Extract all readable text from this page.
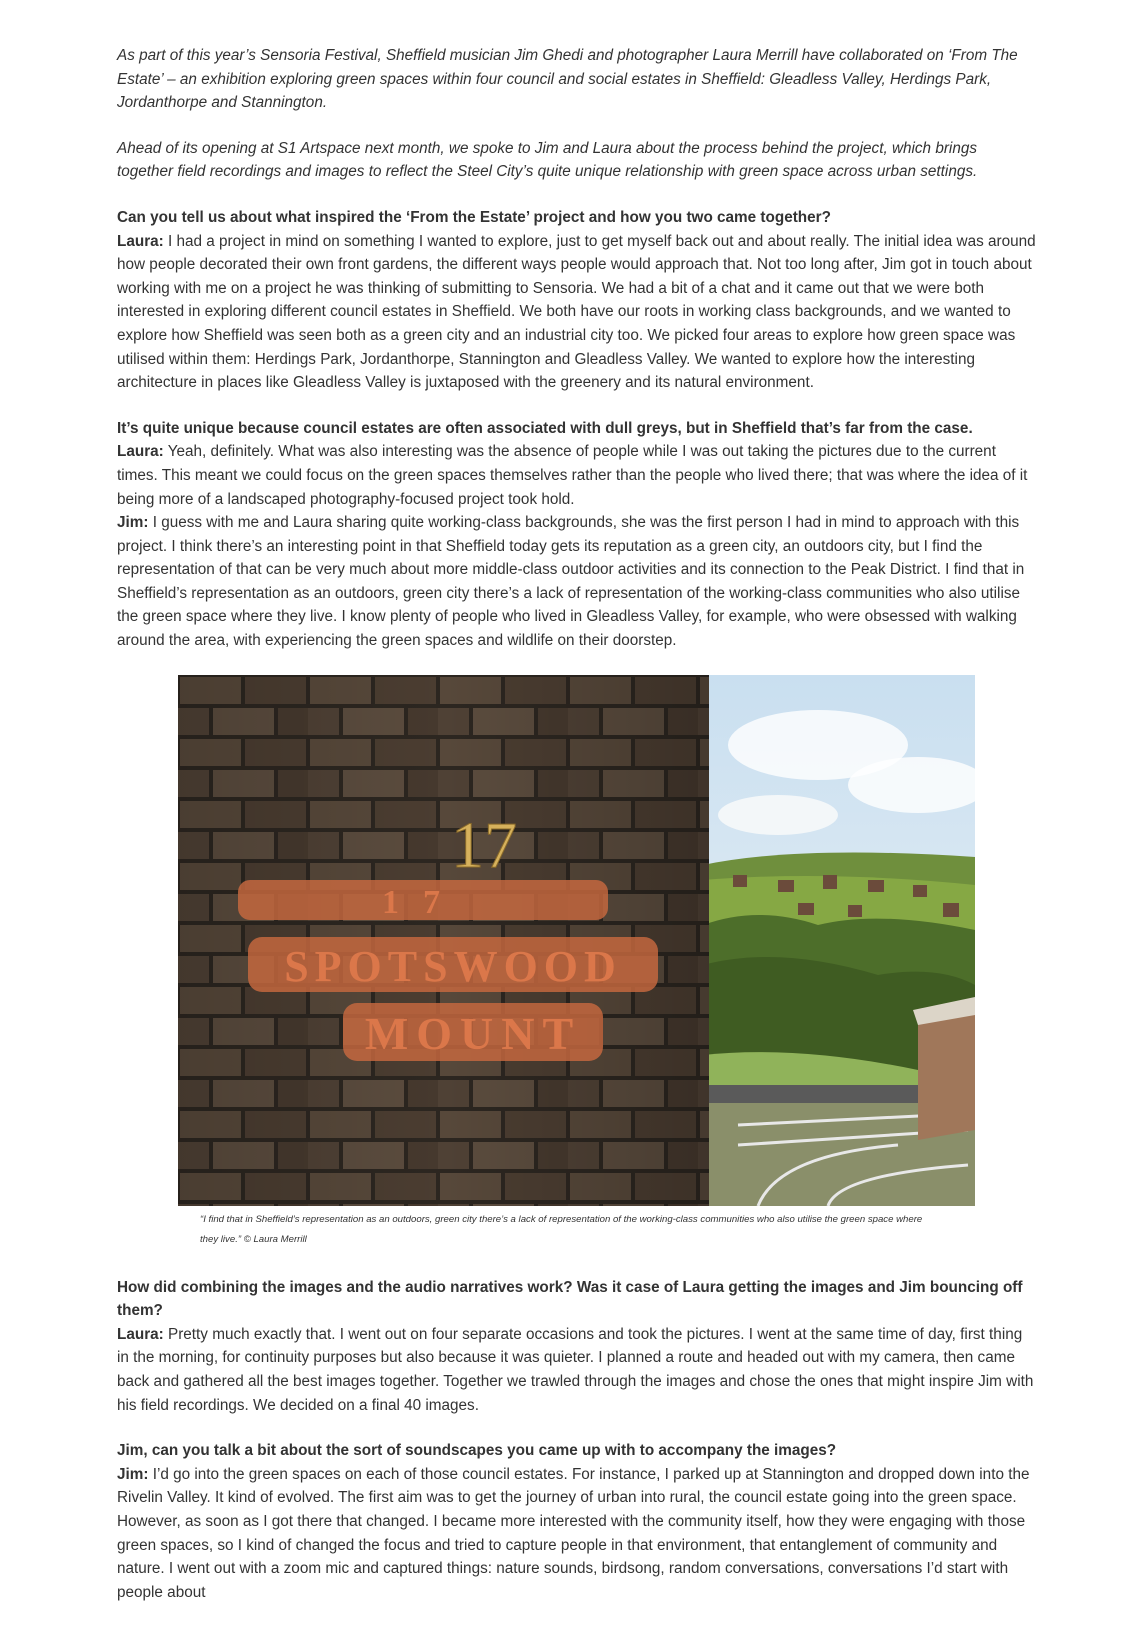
As part of this year’s Sensoria Festival, Sheffield musician Jim Ghedi and photographer Laura Merrill have collaborated on ‘From The Estate’ – an exhibition exploring green spaces within four council and social estates in Sheffield: Gleadless Valley, Herdings Park, Jordanthorpe and Stannington.

Ahead of its opening at S1 Artspace next month, we spoke to Jim and Laura about the process behind the project, which brings together field recordings and images to reflect the Steel City’s quite unique relationship with green space across urban settings.

Can you tell us about what inspired the ‘From the Estate’ project and how you two came together?
Laura: I had a project in mind on something I wanted to explore, just to get myself back out and about really. The initial idea was around how people decorated their own front gardens, the different ways people would approach that. Not too long after, Jim got in touch about working with me on a project he was thinking of submitting to Sensoria. We had a bit of a chat and it came out that we were both interested in exploring different council estates in Sheffield. We both have our roots in working class backgrounds, and we wanted to explore how Sheffield was seen both as a green city and an industrial city too. We picked four areas to explore how green space was utilised within them: Herdings Park, Jordanthorpe, Stannington and Gleadless Valley. We wanted to explore how the interesting architecture in places like Gleadless Valley is juxtaposed with the greenery and its natural environment.

It’s quite unique because council estates are often associated with dull greys, but in Sheffield that’s far from the case.
Laura: Yeah, definitely. What was also interesting was the absence of people while I was out taking the pictures due to the current times. This meant we could focus on the green spaces themselves rather than the people who lived there; that was where the idea of it being more of a landscaped photography-focused project took hold.
Jim: I guess with me and Laura sharing quite working-class backgrounds, she was the first person I had in mind to approach with this project. I think there’s an interesting point in that Sheffield today gets its reputation as a green city, an outdoors city, but I find the representation of that can be very much about more middle-class outdoor activities and its connection to the Peak District. I find that in Sheffield’s representation as an outdoors, green city there’s a lack of representation of the working-class communities who also utilise the green space where they live. I know plenty of people who lived in Gleadless Valley, for example, who were obsessed with walking around the area, with experiencing the green spaces and wildlife on their doorstep.

17
SPOTSWOOD
MOUNT
17
“I find that in Sheffield’s representation as an outdoors, green city there’s a lack of representation of the working-class communities who also utilise the green space where they live.” © Laura Merrill

How did combining the images and the audio narratives work? Was it case of Laura getting the images and Jim bouncing off them?
Laura: Pretty much exactly that. I went out on four separate occasions and took the pictures. I went at the same time of day, first thing in the morning, for continuity purposes but also because it was quieter. I planned a route and headed out with my camera, then came back and gathered all the best images together. Together we trawled through the images and chose the ones that might inspire Jim with his field recordings. We decided on a final 40 images.

Jim, can you talk a bit about the sort of soundscapes you came up with to accompany the images?
Jim: I’d go into the green spaces on each of those council estates. For instance, I parked up at Stannington and dropped down into the Rivelin Valley. It kind of evolved. The first aim was to get the journey of urban into rural, the council estate going into the green space. However, as soon as I got there that changed. I became more interested with the community itself, how they were engaging with those green spaces, so I kind of changed the focus and tried to capture people in that environment, that entanglement of community and nature. I went out with a zoom mic and captured things: nature sounds, birdsong, random conversations, conversations I’d start with people about
